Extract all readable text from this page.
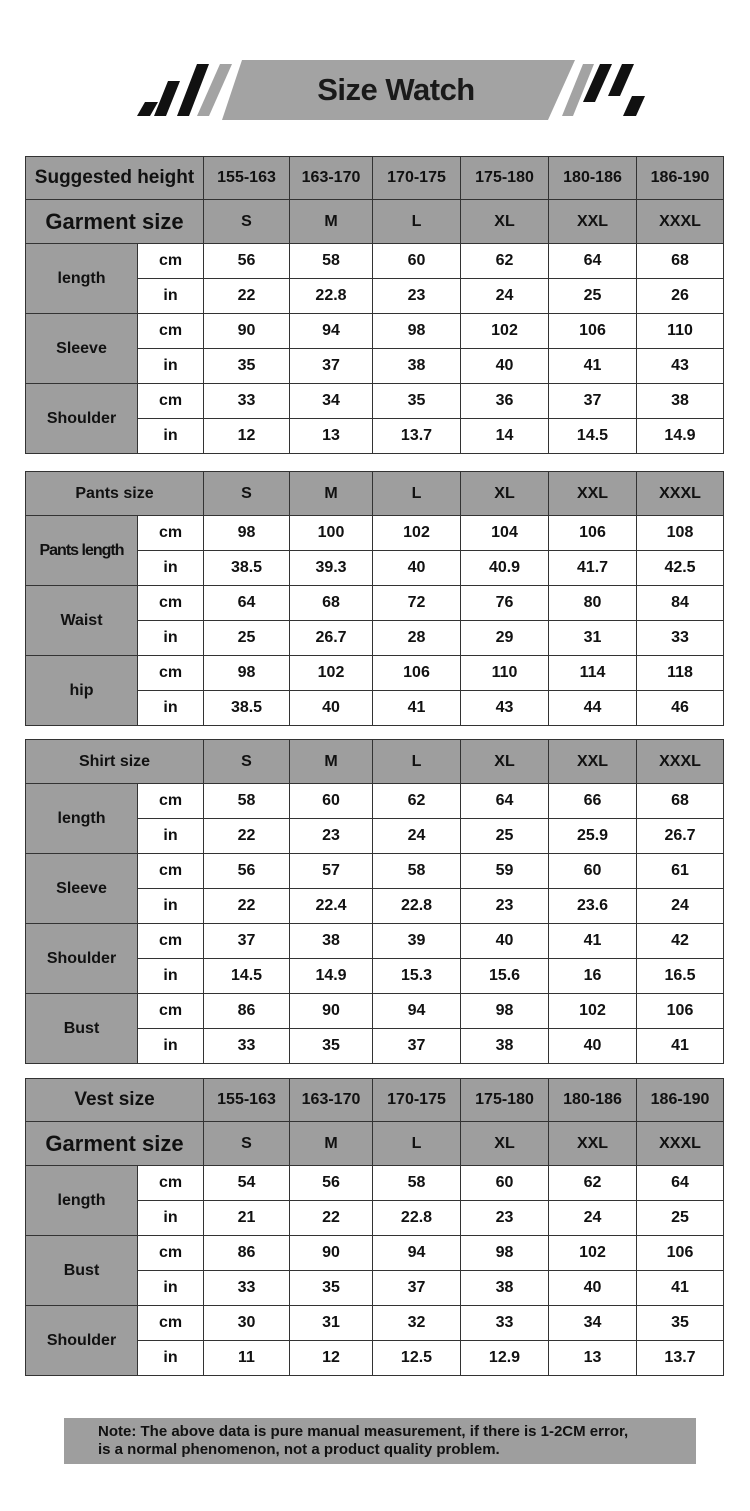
Size Watch
Suggested height		155-163	163-170	170-175	175-180	180-186	186-190
Garment size		S	M	L	XL	XXL	XXXL
length	cm	56	58	60	62	64	68
	in	22	22.8	23	24	25	26
Sleeve	cm	90	94	98	102	106	110
	in	35	37	38	40	41	43
Shoulder	cm	33	34	35	36	37	38
	in	12	13	13.7	14	14.5	14.9
Pants size		S	M	L	XL	XXL	XXXL
Pants length	cm	98	100	102	104	106	108
	in	38.5	39.3	40	40.9	41.7	42.5
Waist	cm	64	68	72	76	80	84
	in	25	26.7	28	29	31	33
hip	cm	98	102	106	110	114	118
	in	38.5	40	41	43	44	46
Shirt size		S	M	L	XL	XXL	XXXL
length	cm	58	60	62	64	66	68
	in	22	23	24	25	25.9	26.7
Sleeve	cm	56	57	58	59	60	61
	in	22	22.4	22.8	23	23.6	24
Shoulder	cm	37	38	39	40	41	42
	in	14.5	14.9	15.3	15.6	16	16.5
Bust	cm	86	90	94	98	102	106
	in	33	35	37	38	40	41
Vest size		155-163	163-170	170-175	175-180	180-186	186-190
Garment size		S	M	L	XL	XXL	XXXL
length	cm	54	56	58	60	62	64
	in	21	22	22.8	23	24	25
Bust	cm	86	90	94	98	102	106
	in	33	35	37	38	40	41
Shoulder	cm	30	31	32	33	34	35
	in	11	12	12.5	12.9	13	13.7
Note: The above data is pure manual measurement, if there is 1-2CM error,
is a normal phenomenon, not a product quality problem.
